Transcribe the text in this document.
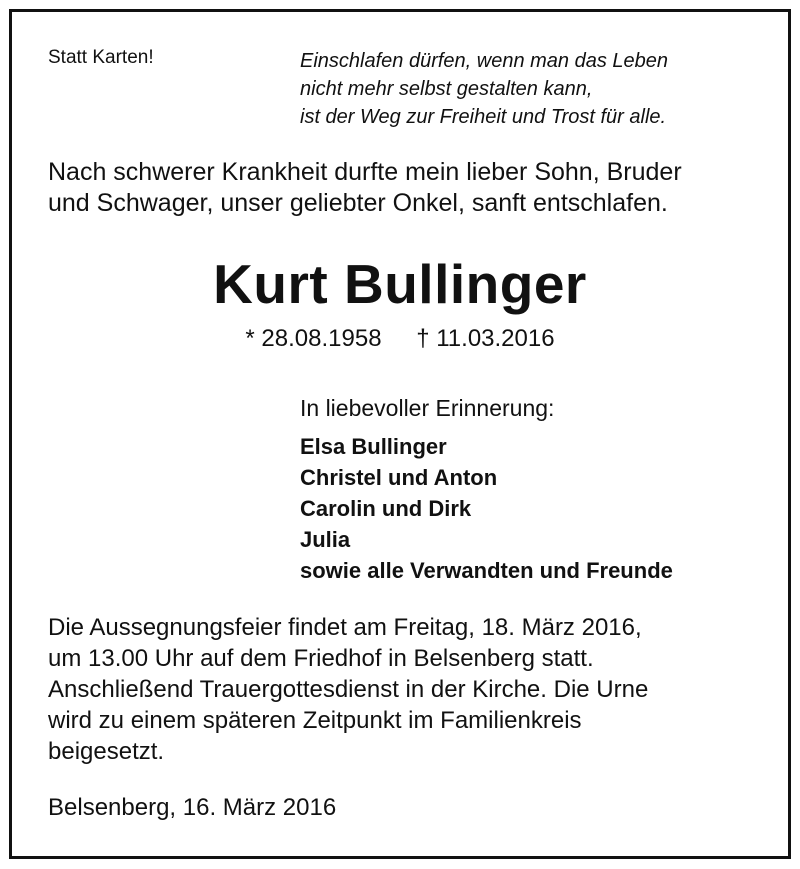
Statt Karten!	Einschlafen dürfen, wenn man das Leben
nicht mehr selbst gestalten kann,
ist der Weg zur Freiheit und Trost für alle.
Nach schwerer Krankheit durfte mein lieber Sohn, Bruder
und Schwager, unser geliebter Onkel, sanft entschlafen.
Kurt Bullinger
* 28.08.1958 † 11.03.2016
In liebevoller Erinnerung:
Elsa Bullinger
Christel und Anton
Carolin und Dirk
Julia
sowie alle Verwandten und Freunde
Die Aussegnungsfeier findet am Freitag, 18. März 2016,
um 13.00 Uhr auf dem Friedhof in Belsenberg statt.
Anschließend Trauergottesdienst in der Kirche. Die Urne
wird zu einem späteren Zeitpunkt im Familienkreis
beigesetzt.
Belsenberg, 16. März 2016
